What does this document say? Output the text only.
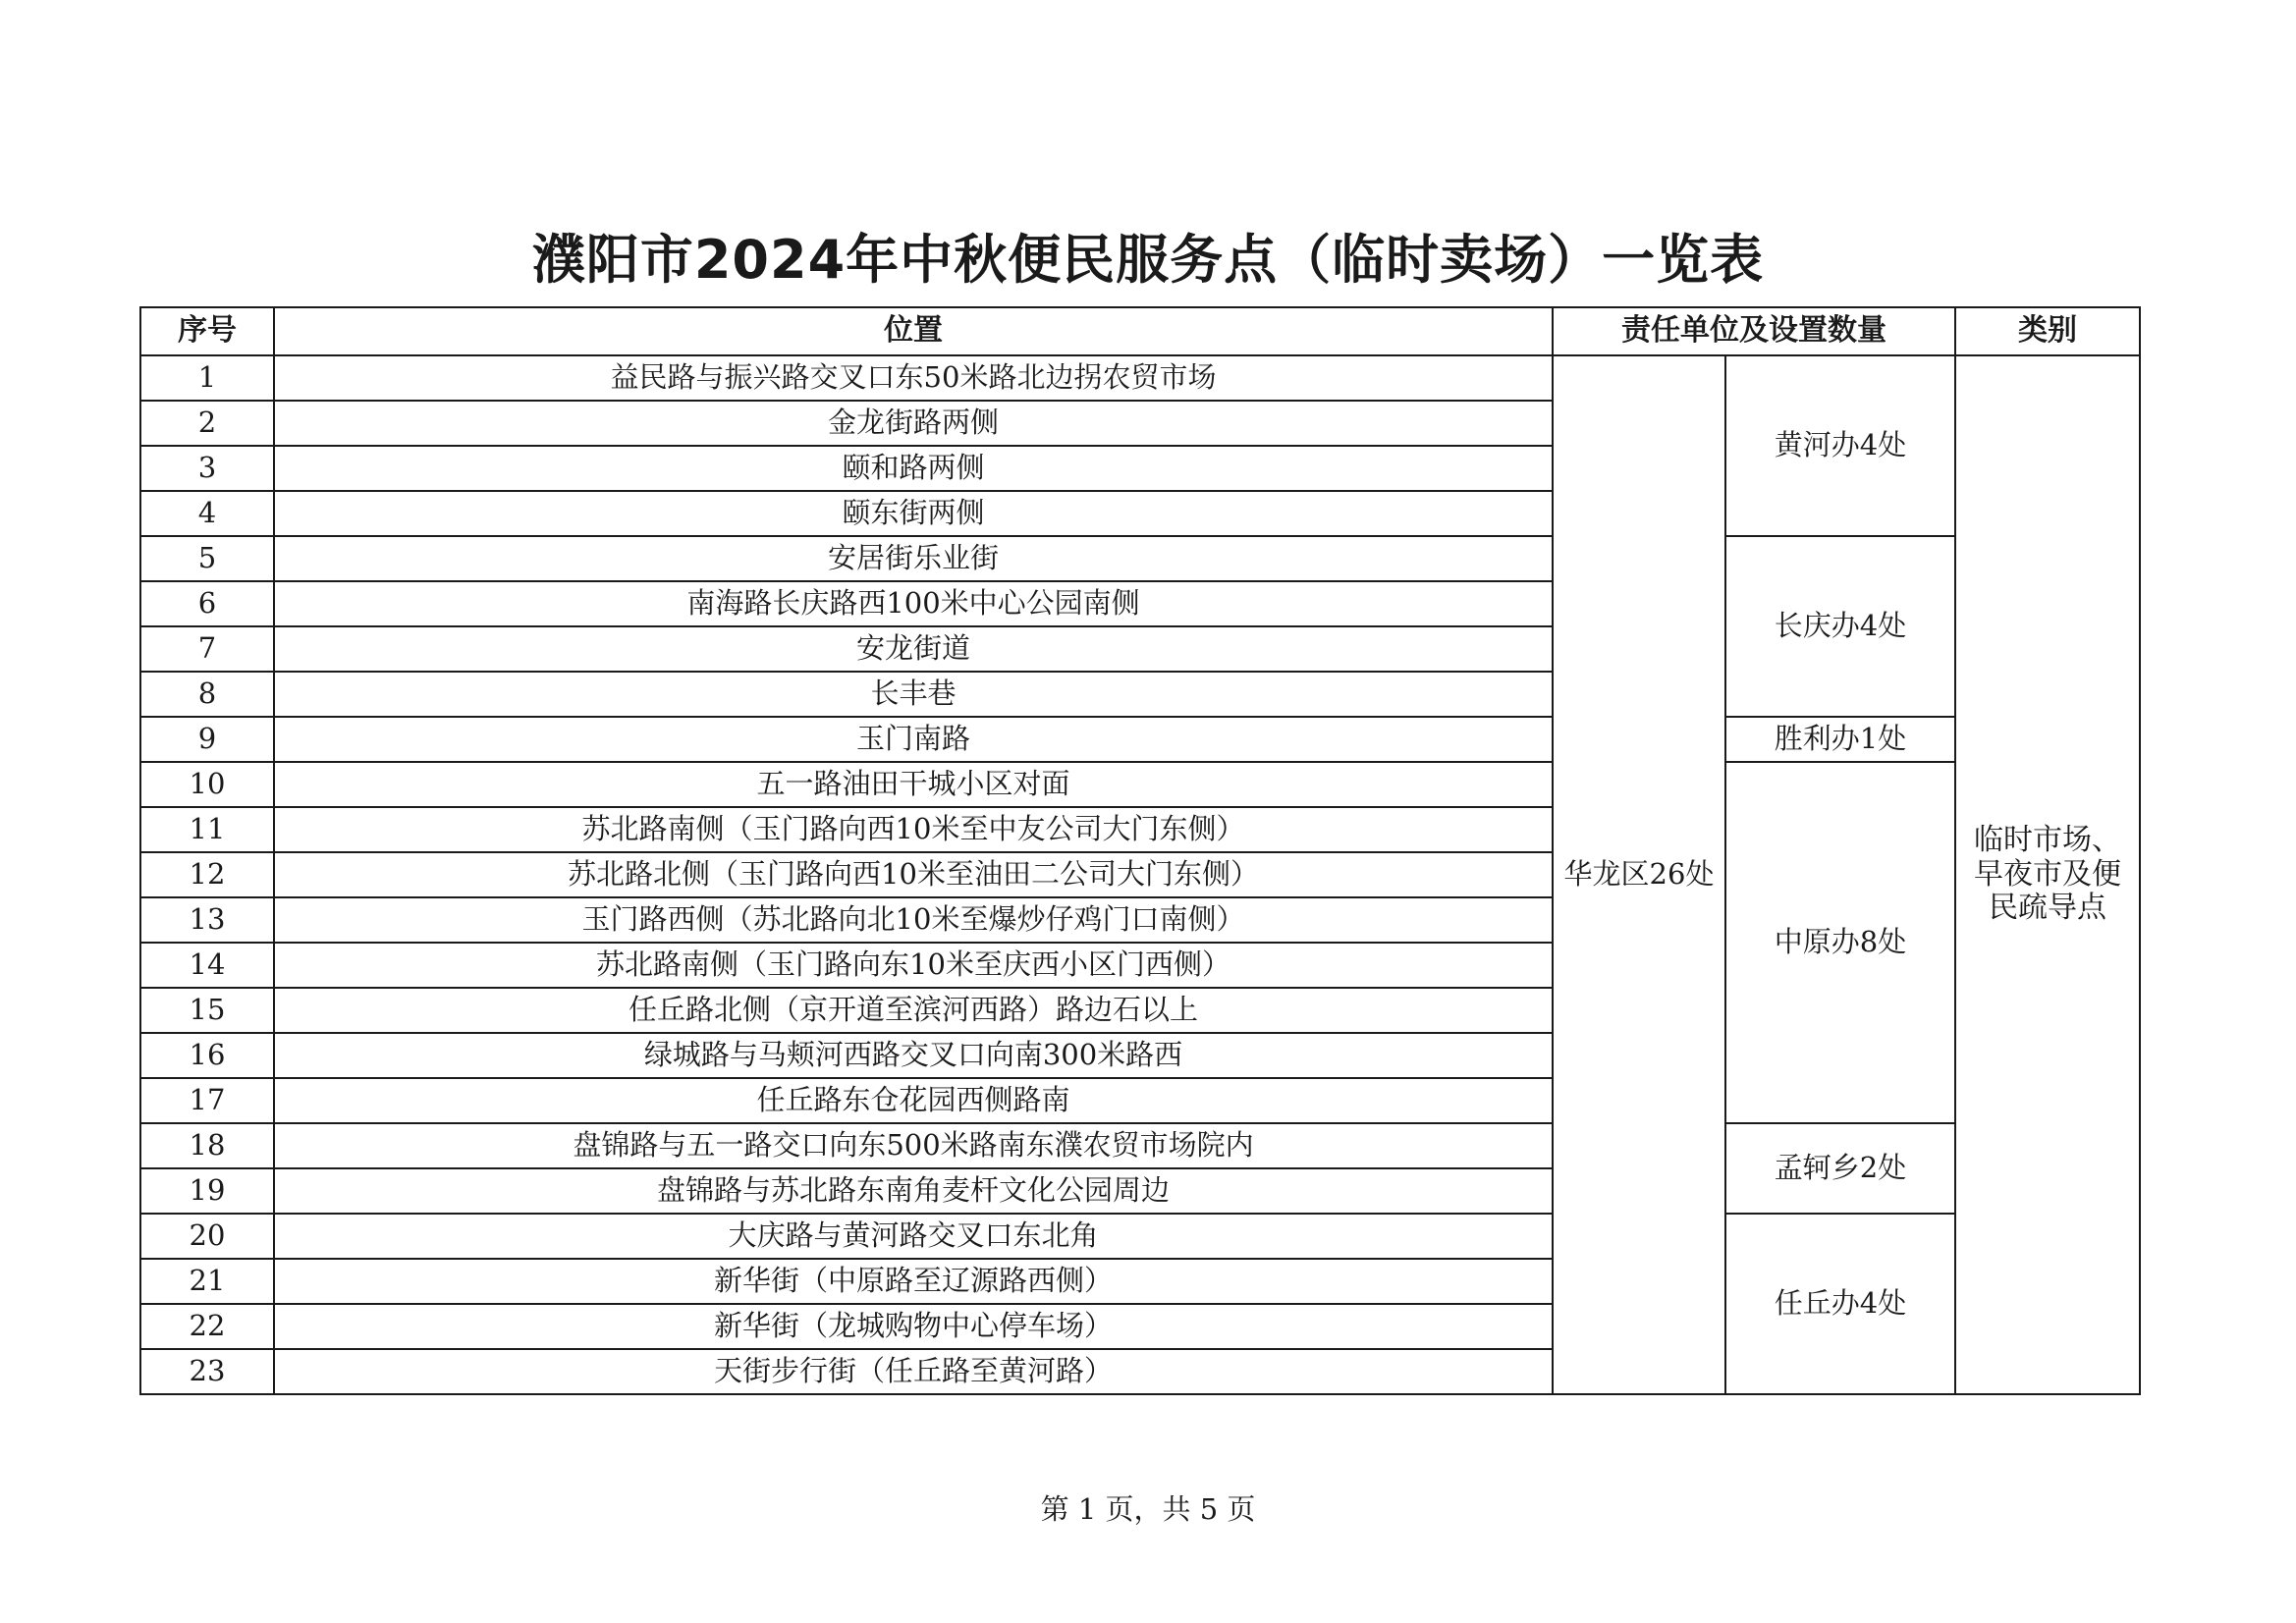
濮阳市2024年中秋便民服务点（临时卖场）一览表
序号	位置	责任单位及设置数量		类别
1	益民路与振兴路交叉口东50米路北边拐农贸市场	华龙区26处	黄河办4处	临时市场、早夜市及便民疏导点
2	金龙街路两侧			
3	颐和路两侧			
4	颐东街两侧			
5	安居街乐业街		长庆办4处	
6	南海路长庆路西100米中心公园南侧			
7	安龙街道			
8	长丰巷			
9	玉门南路		胜利办1处	
10	五一路油田干城小区对面		中原办8处	
11	苏北路南侧（玉门路向西10米至中友公司大门东侧）			
12	苏北路北侧（玉门路向西10米至油田二公司大门东侧）			
13	玉门路西侧（苏北路向北10米至爆炒仔鸡门口南侧）			
14	苏北路南侧（玉门路向东10米至庆西小区门西侧）			
15	任丘路北侧（京开道至滨河西路）路边石以上			
16	绿城路与马颊河西路交叉口向南300米路西			
17	任丘路东仓花园西侧路南			
18	盘锦路与五一路交口向东500米路南东濮农贸市场院内		孟轲乡2处	
19	盘锦路与苏北路东南角麦杆文化公园周边			
20	大庆路与黄河路交叉口东北角		任丘办4处	
21	新华街（中原路至辽源路西侧）			
22	新华街（龙城购物中心停车场）			
23	天街步行街（任丘路至黄河路）			
第 1 页，共 5 页
